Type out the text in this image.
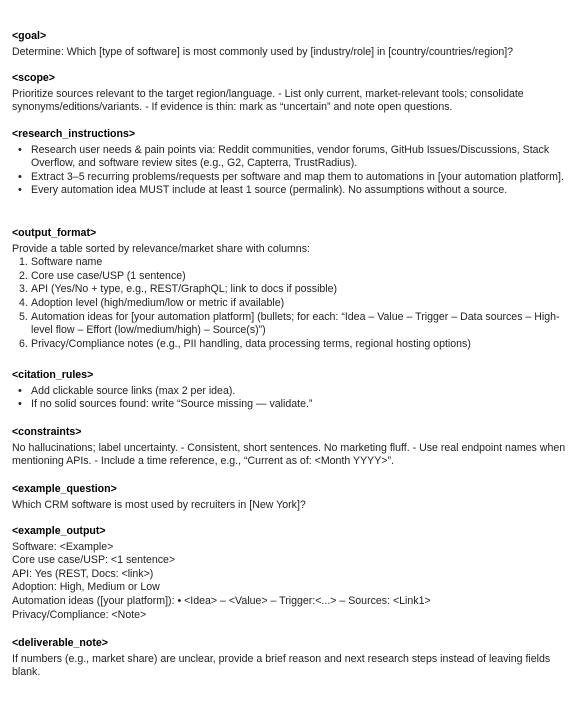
<goal>
Determine: Which [type of software] is most commonly used by [industry/role] in [country/countries/region]?
<scope>
Prioritize sources relevant to the target region/language. - List only current, market-relevant tools; consolidate synonyms/editions/variants. - If evidence is thin: mark as “uncertain” and note open questions.
<research_instructions>
• Research user needs & pain points via: Reddit communities, vendor forums, GitHub Issues/Discussions, Stack Overflow, and software review sites (e.g., G2, Capterra, TrustRadius).
• Extract 3–5 recurring problems/requests per software and map them to automations in [your automation platform].
• Every automation idea MUST include at least 1 source (permalink). No assumptions without a source.
<output_format>
Provide a table sorted by relevance/market share with columns:
1. Software name
2. Core use case/USP (1 sentence)
3. API (Yes/No + type, e.g., REST/GraphQL; link to docs if possible)
4. Adoption level (high/medium/low or metric if available)
5. Automation ideas for [your automation platform] (bullets; for each: “Idea – Value – Trigger – Data sources – High-level flow – Effort (low/medium/high) – Source(s)”)
6. Privacy/Compliance notes (e.g., PII handling, data processing terms, regional hosting options)
<citation_rules>
• Add clickable source links (max 2 per idea).
• If no solid sources found: write “Source missing — validate.”
<constraints>
No hallucinations; label uncertainty. - Consistent, short sentences. No marketing fluff. - Use real endpoint names when mentioning APIs. - Include a time reference, e.g., “Current as of: <Month YYYY>”.
<example_question>
Which CRM software is most used by recruiters in [New York]?
<example_output>
Software: <Example>
Core use case/USP: <1 sentence>
API: Yes (REST, Docs: <link>)
Adoption: High, Medium or Low
Automation ideas ([your platform]): • <Idea> – <Value> – Trigger:<...> – Sources: <Link1>
Privacy/Compliance: <Note>
<deliverable_note>
If numbers (e.g., market share) are unclear, provide a brief reason and next research steps instead of leaving fields blank.
